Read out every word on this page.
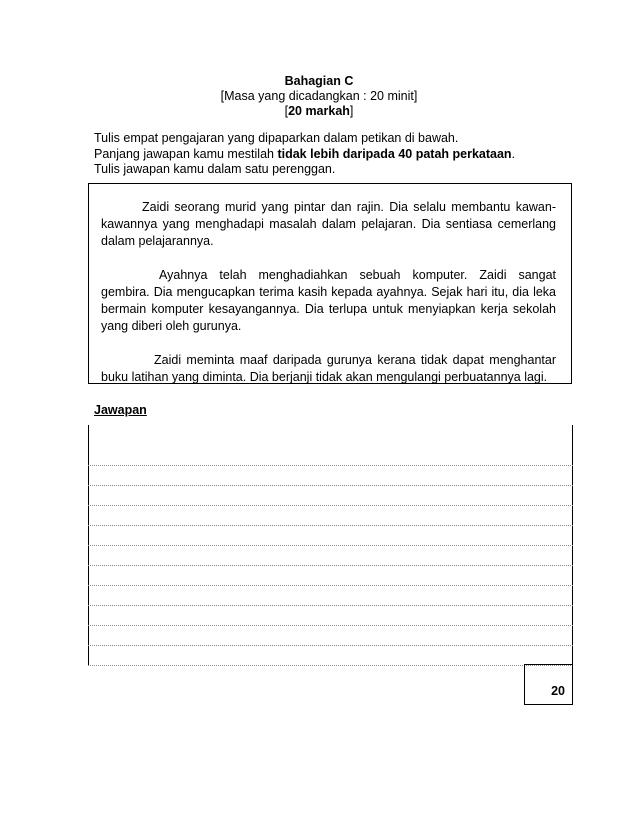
Bahagian C
[Masa yang dicadangkan : 20 minit]
[20 markah]
Tulis empat pengajaran yang dipaparkan dalam petikan di bawah.
Panjang jawapan kamu mestilah tidak lebih daripada 40 patah perkataan.
Tulis jawapan kamu dalam satu perenggan.

Zaidi seorang murid yang pintar dan rajin. Dia selalu membantu kawan-kawannya yang menghadapi masalah dalam pelajaran. Dia sentiasa cemerlang dalam pelajarannya.

Ayahnya telah menghadiahkan sebuah komputer. Zaidi sangat gembira. Dia mengucapkan terima kasih kepada ayahnya. Sejak hari itu, dia leka bermain komputer kesayangannya. Dia terlupa untuk menyiapkan kerja sekolah yang diberi oleh gurunya.

Zaidi meminta maaf daripada gurunya kerana tidak dapat menghantar buku latihan yang diminta. Dia berjanji tidak akan mengulangi perbuatannya lagi.

Jawapan
20
